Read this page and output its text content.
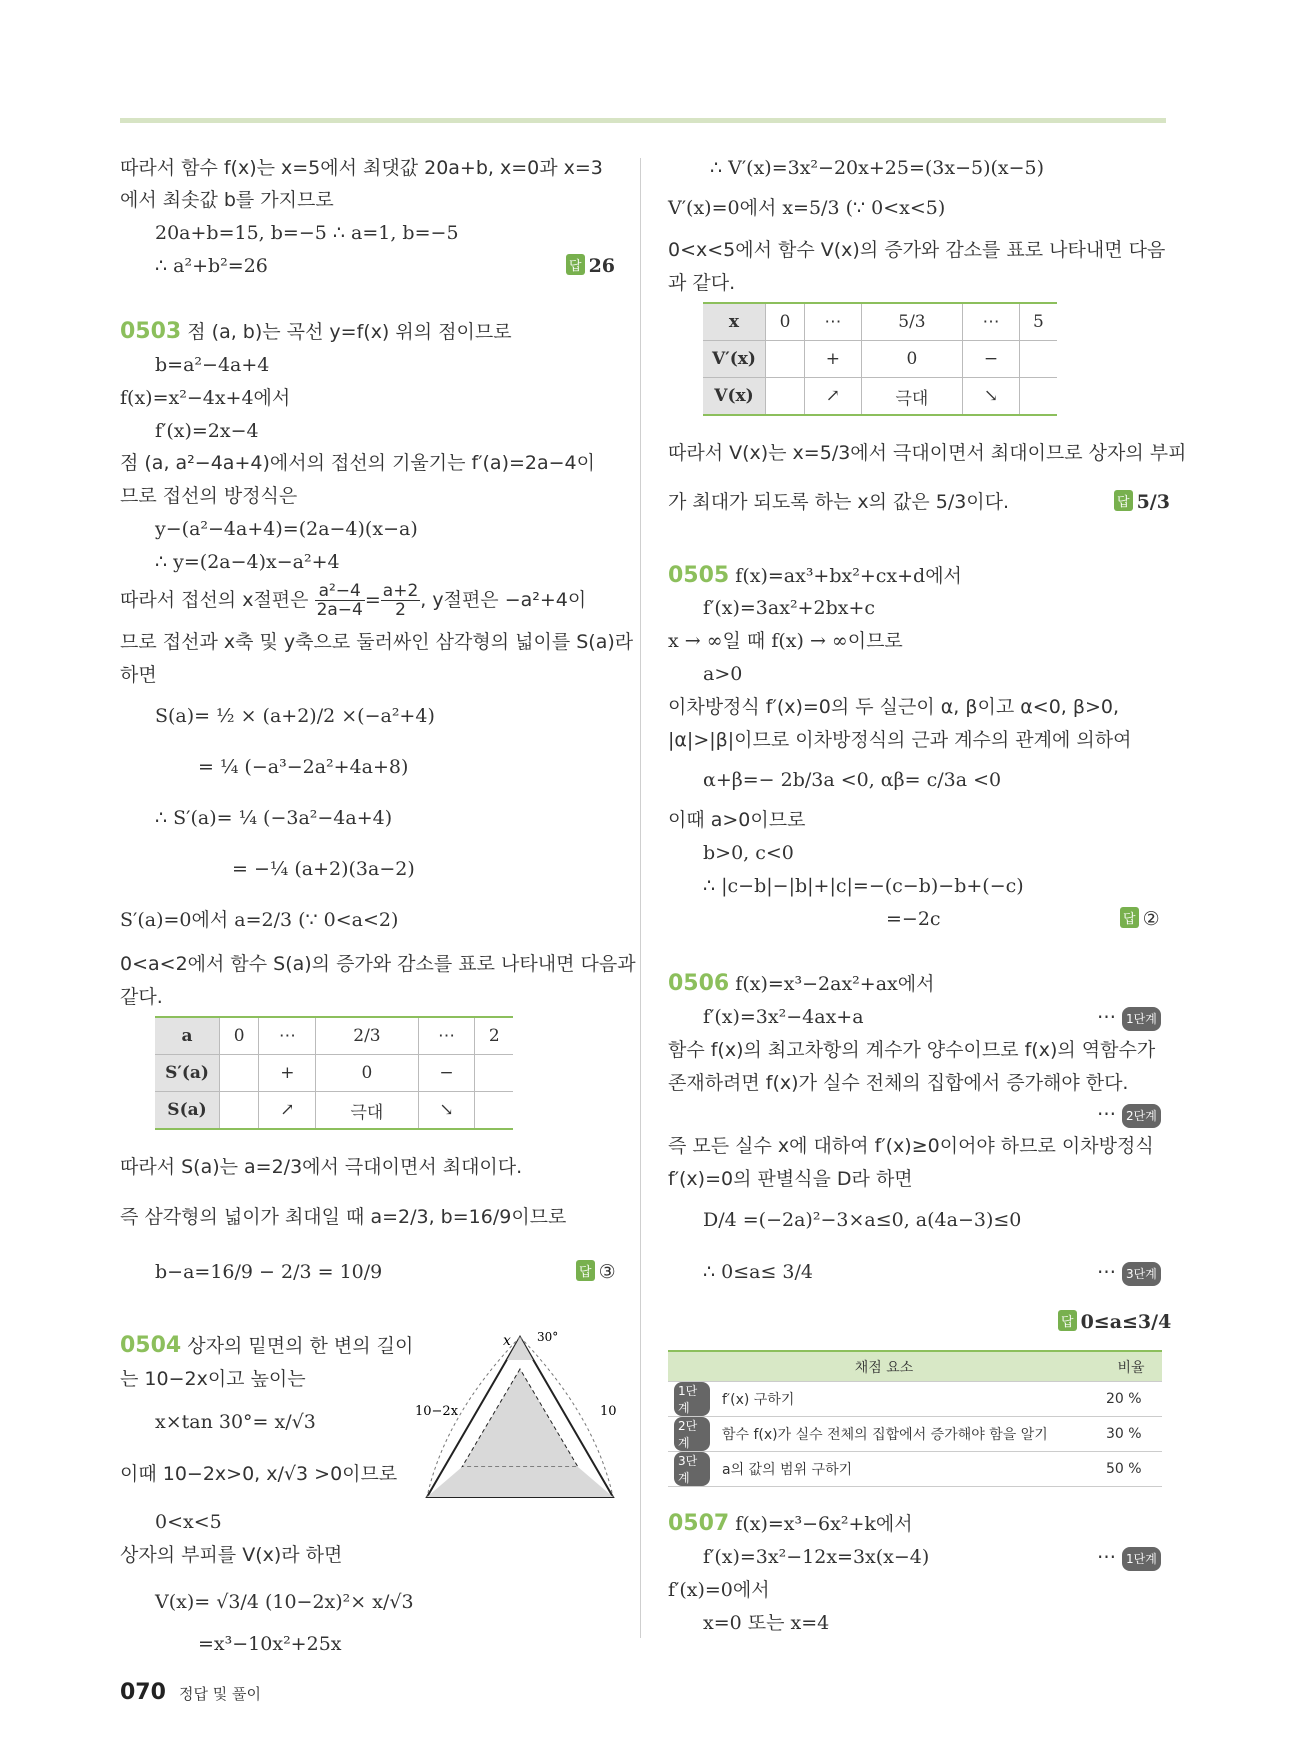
따라서 함수 f(x)는 x=5에서 최댓값 20a+b, x=0과 x=3
에서 최솟값 b를 가지므로
20a+b=15, b=−5 ∴ a=1, b=−5
∴ a²+b²=26	답 26
0503 점 (a, b)는 곡선 y=f(x) 위의 점이므로
b=a²−4a+4
f(x)=x²−4x+4에서
f′(x)=2x−4
점 (a, a²−4a+4)에서의 접선의 기울기는 f′(a)=2a−4이
므로 접선의 방정식은
y−(a²−4a+4)=(2a−4)(x−a)
∴ y=(2a−4)x−a²+4
따라서 접선의 x절편은 $\frac{\text{a²−4}}{2a-4} = \frac{a+2}{2}$ , y절편은 −a²+4이
므로 접선과 x축 및 y축으로 둘러싸인 삼각형의 넓이를 S(a)라
하면
S(a)= ½ × (a+2)/2 ×(−a²+4)
= ¼ (−a³−2a²+4a+8)
∴ S′(a)= ¼ (−3a²−4a+4)
= −¼ (a+2)(3a−2)
S′(a)=0에서 a=2/3 (∵ 0<a<2)
0<a<2에서 함수 S(a)의 증가와 감소를 표로 나타내면 다음과
같다.
a	0	⋯	2/3	⋯	2
S′(a)		+	0	−	
S(a)		↗	극대	↘	
따라서 S(a)는 a=2/3에서 극대이면서 최대이다.
즉 삼각형의 넓이가 최대일 때 a=2/3, b=16/9이므로
b−a=16/9 − 2/3 = 10/9	답 ③
0504 상자의 밑면의 한 변의 길이
는 10−2x이고 높이는
x×tan 30°= x/√3
이때 10−2x>0, x/√3 >0이므로
0<x<5
상자의 부피를 V(x)라 하면
V(x)= √3/4 (10−2x)²× x/√3
=x³−10x²+25x
x 30°
10−2x	10
∴ V′(x)=3x²−20x+25=(3x−5)(x−5)
V′(x)=0에서 x=5/3 (∵ 0<x<5)
0<x<5에서 함수 V(x)의 증가와 감소를 표로 나타내면 다음
과 같다.
x	0	⋯	5/3	⋯	5
V′(x)		+	0	−	
V(x)		↗	극대	↘	
따라서 V(x)는 x=5/3에서 극대이면서 최대이므로 상자의 부피
가 최대가 되도록 하는 x의 값은 5/3이다.	답 5/3
0505 f(x)=ax³+bx²+cx+d에서
f′(x)=3ax²+2bx+c
x → ∞일 때 f(x) → ∞이므로
a>0
이차방정식 f′(x)=0의 두 실근이 α, β이고 α<0, β>0,
|α|>|β|이므로 이차방정식의 근과 계수의 관계에 의하여
α+β=− 2b/3a <0, αβ= c/3a <0
이때 a>0이므로
b>0, c<0
∴ |c−b|−|b|+|c|=−(c−b)−b+(−c)
=−2c	답 ②
0506 f(x)=x³−2ax²+ax에서
f′(x)=3x²−4ax+a	⋯ 1단계
함수 f(x)의 최고차항의 계수가 양수이므로 f(x)의 역함수가
존재하려면 f(x)가 실수 전체의 집합에서 증가해야 한다.
⋯ 2단계
즉 모든 실수 x에 대하여 f′(x)≥0이어야 하므로 이차방정식
f′(x)=0의 판별식을 D라 하면
D/4 =(−2a)²−3×a≤0, a(4a−3)≤0
∴ 0≤a≤ 3/4	⋯ 3단계
답 0≤a≤3/4
채점 요소		비율
1단계	f′(x) 구하기	20 %
2단계	함수 f(x)가 실수 전체의 집합에서 증가해야 함을 알기	30 %
3단계	a의 값의 범위 구하기	50 %
0507 f(x)=x³−6x²+k에서
f′(x)=3x²−12x=3x(x−4)	⋯ 1단계
f′(x)=0에서
x=0 또는 x=4
070 정답 및 풀이
